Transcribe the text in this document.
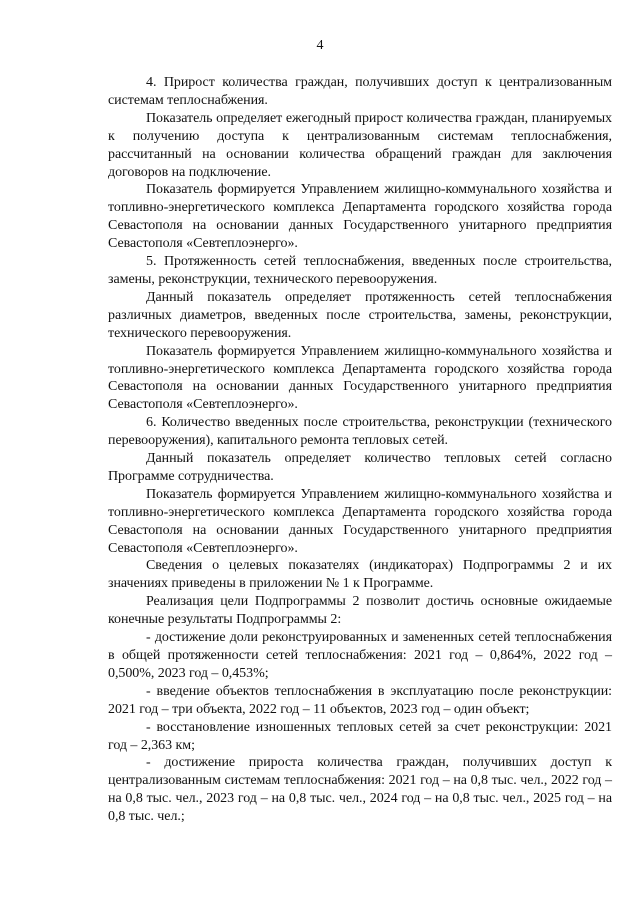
4

4. Прирост количества граждан, получивших доступ к централизованным системам теплоснабжения.

Показатель определяет ежегодный прирост количества граждан, планируемых к получению доступа к централизованным системам теплоснабжения, рассчитанный на основании количества обращений граждан для заключения договоров на подключение.

Показатель формируется Управлением жилищно-коммунального хозяйства и топливно-энергетического комплекса Департамента городского хозяйства города Севастополя на основании данных Государственного унитарного предприятия Севастополя «Севтеплоэнерго».

5. Протяженность сетей теплоснабжения, введенных после строительства, замены, реконструкции, технического перевооружения.

Данный показатель определяет протяженность сетей теплоснабжения различных диаметров, введенных после строительства, замены, реконструкции, технического перевооружения.

Показатель формируется Управлением жилищно-коммунального хозяйства и топливно-энергетического комплекса Департамента городского хозяйства города Севастополя на основании данных Государственного унитарного предприятия Севастополя «Севтеплоэнерго».

6. Количество введенных после строительства, реконструкции (технического перевооружения), капитального ремонта тепловых сетей.

Данный показатель определяет количество тепловых сетей согласно Программе сотрудничества.

Показатель формируется Управлением жилищно-коммунального хозяйства и топливно-энергетического комплекса Департамента городского хозяйства города Севастополя на основании данных Государственного унитарного предприятия Севастополя «Севтеплоэнерго».

Сведения о целевых показателях (индикаторах) Подпрограммы 2 и их значениях приведены в приложении № 1 к Программе.

Реализация цели Подпрограммы 2 позволит достичь основные ожидаемые конечные результаты Подпрограммы 2:

- достижение доли реконструированных и замененных сетей теплоснабжения в общей протяженности сетей теплоснабжения: 2021 год – 0,864%, 2022 год – 0,500%, 2023 год – 0,453%;

- введение объектов теплоснабжения в эксплуатацию после реконструкции: 2021 год – три объекта, 2022 год – 11 объектов, 2023 год – один объект;

- восстановление изношенных тепловых сетей за счет реконструкции: 2021 год – 2,363 км;

- достижение прироста количества граждан, получивших доступ к централизованным системам теплоснабжения: 2021 год – на 0,8 тыс. чел., 2022 год – на 0,8 тыс. чел., 2023 год – на 0,8 тыс. чел., 2024 год – на 0,8 тыс. чел., 2025 год – на 0,8 тыс. чел.;
